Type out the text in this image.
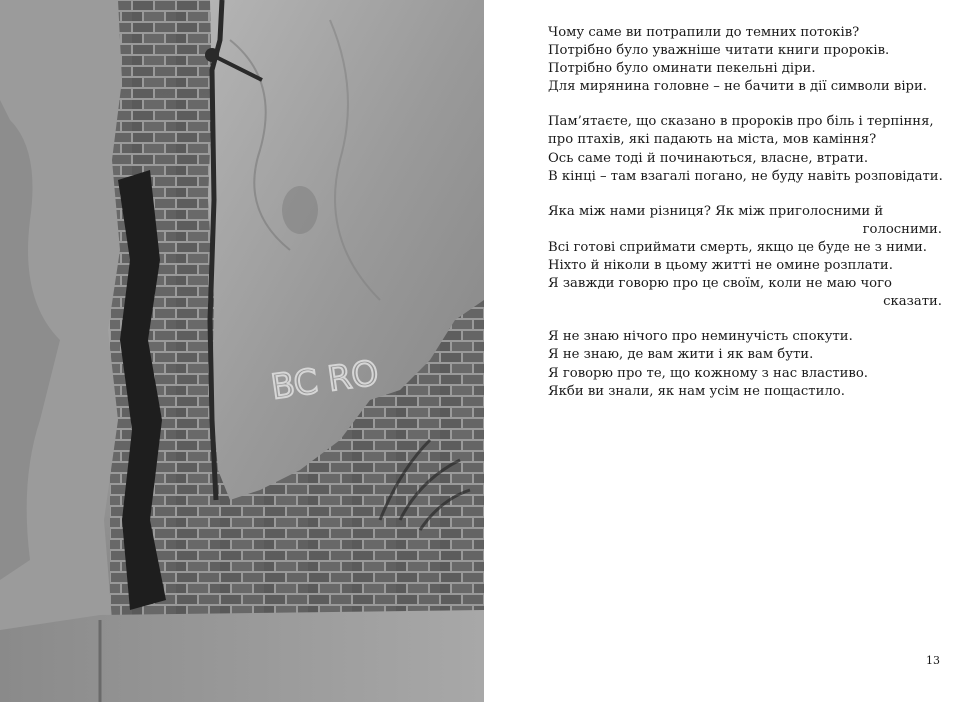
BC RO
Чому саме ви потрапили до темних потоків?
Потрібно було уважніше читати книги пророків.
Потрібно було оминати пекельні діри.
Для мирянина головне – не бачити в дії символи віри.
Пам’ятаєте, що сказано в пророків про біль і терпіння,
про птахів, які падають на міста, мов каміння?
Ось саме тоді й починаються, власне, втрати.
В кінці – там взагалі погано, не буду навіть розповідати.
Яка між нами різниця? Як між приголосними й
голосними.
Всі готові сприймати смерть, якщо це буде не з ними.
Ніхто й ніколи в цьому житті не омине розплати.
Я завжди говорю про це своїм, коли не маю чого
сказати.
Я не знаю нічого про неминучість спокути.
Я не знаю, де вам жити і як вам бути.
Я говорю про те, що кожному з нас властиво.
Якби ви знали, як нам усім не пощастило.
13
